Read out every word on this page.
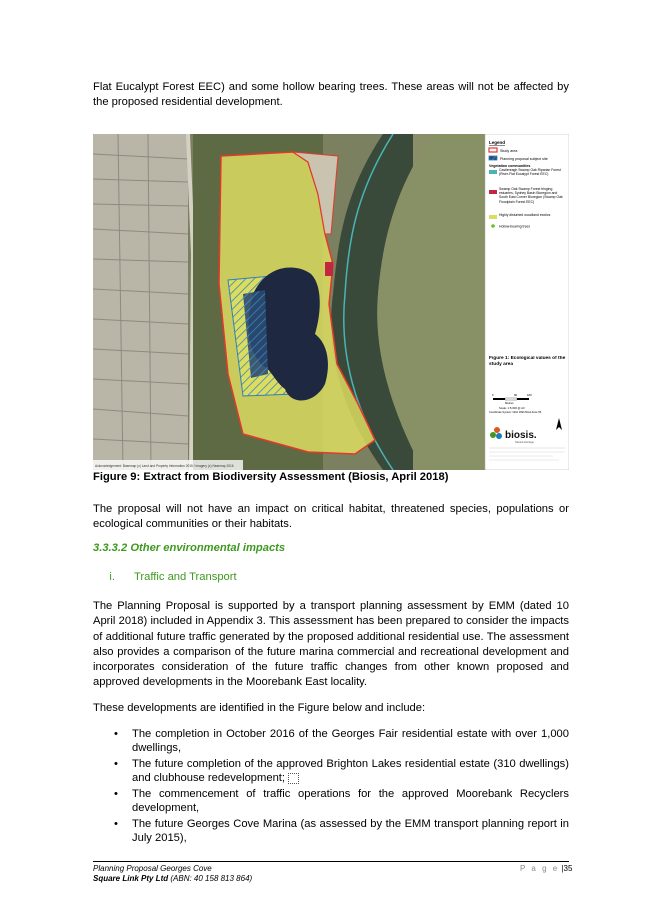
Flat Eucalypt Forest EEC) and some hollow bearing trees. These areas will not be affected by the proposed residential development.
Acknowledgement: Basemap (c) Land and Property Information 2015 / Imagery (c) Nearmap 2016
Legend
Study area
Planning proposal subject site
Vegetation communities
Castlereagh Swamp Oak Riparian Forest (River-Flat Eucalypt Forest EEC)
Swamp Oak Swamp Forest fringing estuaries, Sydney Basin Bioregion and South East Corner Bioregion (Swamp Oak Floodplain Forest EEC)
Highly disturbed woodland exotics
Hollow-bearing trees
Figure 1: Ecological values of the study area
0	90	180
Metres
Scale: 1:5,000 @ A3
Coordinate System: GDA 1994 MGA Zone 56
biosis.
Natural Heritage
Figure 9: Extract from Biodiversity Assessment (Biosis, April 2018)
The proposal will not have an impact on critical habitat, threatened species, populations or ecological communities or their habitats.
3.3.3.2 Other environmental impacts
i. Traffic and Transport
The Planning Proposal is supported by a transport planning assessment by EMM (dated 10 April 2018) included in Appendix 3. This assessment has been prepared to consider the impacts of additional future traffic generated by the proposed additional residential use. The assessment also provides a comparison of the future marina commercial and recreational development and incorporates consideration of the future traffic changes from other known proposed and approved developments in the Moorebank East locality.
These developments are identified in the Figure below and include:
• The completion in October 2016 of the Georges Fair residential estate with over 1,000 dwellings,
• The future completion of the approved Brighton Lakes residential estate (310 dwellings) and clubhouse redevelopment;
• The commencement of traffic operations for the approved Moorebank Recyclers development,
• The future Georges Cove Marina (as assessed by the EMM transport planning report in July 2015),
Planning Proposal Georges Cove
Square Link Pty Ltd (ABN: 40 158 813 864)
P a g e |35
